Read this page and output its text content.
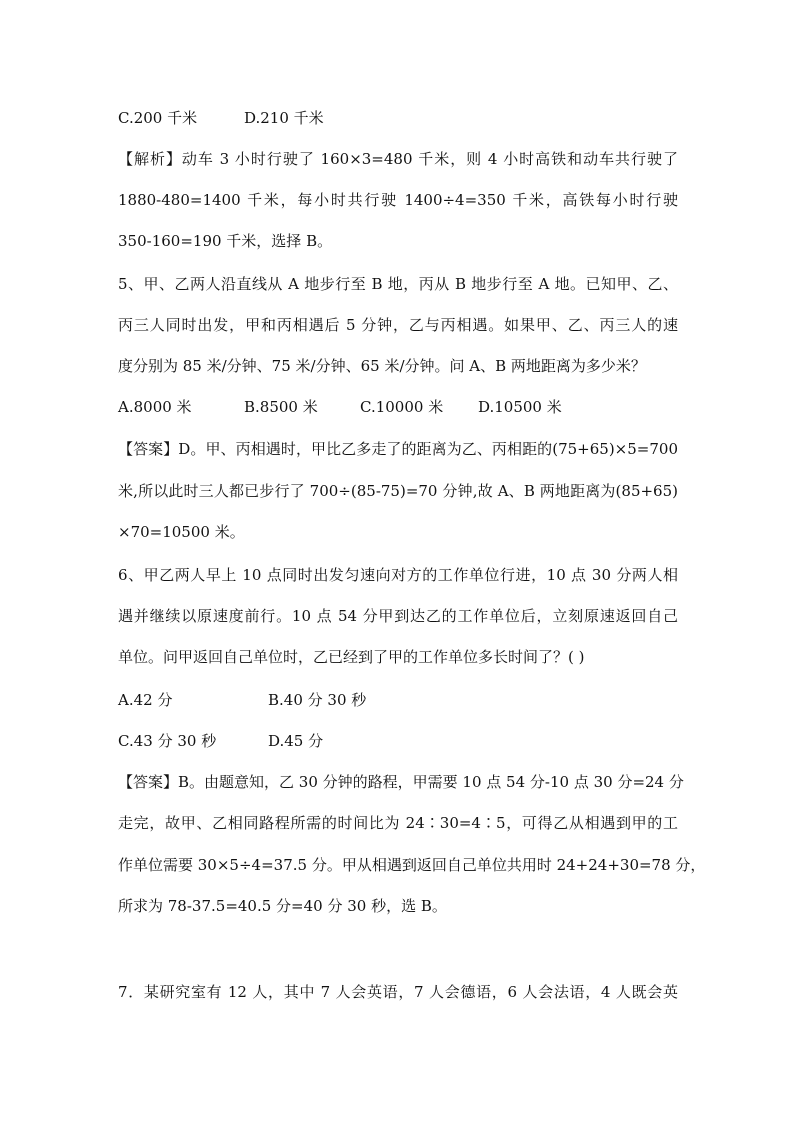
C.200 千米	D.210 千米
【解析】动车 3 小时行驶了 160×3=480 千米，则 4 小时高铁和动车共行驶了
1880-480=1400 千米，每小时共行驶 1400÷4=350 千米，高铁每小时行驶
350-160=190 千米，选择 B。
5、甲、乙两人沿直线从 A 地步行至 B 地，丙从 B 地步行至 A 地。已知甲、乙、
丙三人同时出发，甲和丙相遇后 5 分钟，乙与丙相遇。如果甲、乙、丙三人的速
度分别为 85 米/分钟、75 米/分钟、65 米/分钟。问 A、B 两地距离为多少米？
A.8000 米	B.8500 米	C.10000 米	D.10500 米
【答案】D。甲、丙相遇时，甲比乙多走了的距离为乙、丙相距的(75+65)×5=700
米,所以此时三人都已步行了 700÷(85-75)=70 分钟,故 A、B 两地距离为(85+65)
×70=10500 米。
6、甲乙两人早上 10 点同时出发匀速向对方的工作单位行进，10 点 30 分两人相
遇并继续以原速度前行。10 点 54 分甲到达乙的工作单位后，立刻原速返回自己
单位。问甲返回自己单位时，乙已经到了甲的工作单位多长时间了？( )
A.42 分	B.40 分 30 秒
C.43 分 30 秒	D.45 分
【答案】B。由题意知，乙 30 分钟的路程，甲需要 10 点 54 分-10 点 30 分=24 分
走完，故甲、乙相同路程所需的时间比为 24∶30=4∶5，可得乙从相遇到甲的工
作单位需要 30×5÷4=37.5 分。甲从相遇到返回自己单位共用时 24+24+30=78 分，
所求为 78-37.5=40.5 分=40 分 30 秒，选 B。
7．某研究室有 12 人，其中 7 人会英语，7 人会德语，6 人会法语，4 人既会英
